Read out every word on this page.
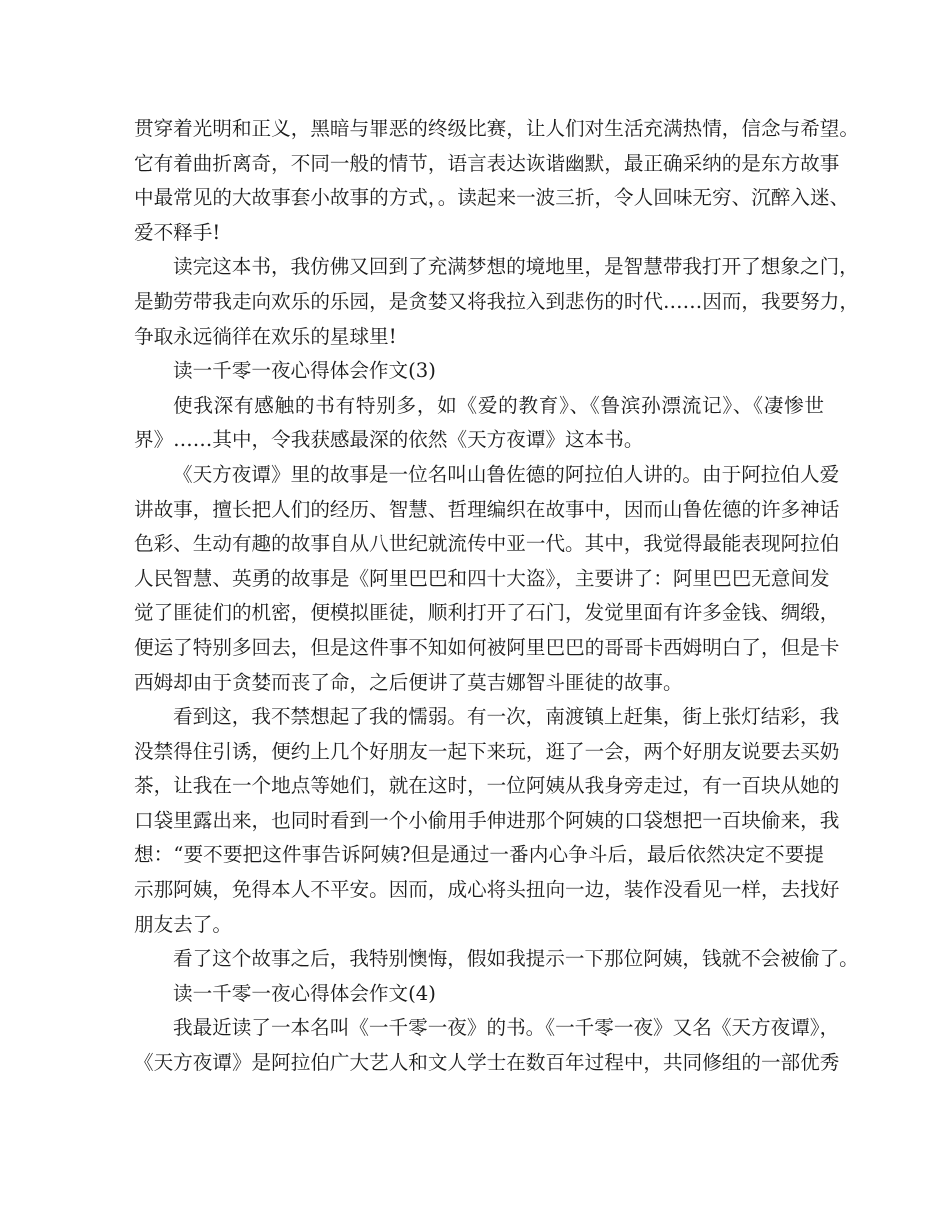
贯穿着光明和正义，黑暗与罪恶的终级比赛，让人们对生活充满热情，信念与希望。
它有着曲折离奇，不同一般的情节，语言表达诙谐幽默，最正确采纳的是东方故事
中最常见的大故事套小故事的方式，。读起来一波三折，令人回味无穷、沉醉入迷、
爱不释手!
读完这本书，我仿佛又回到了充满梦想的境地里，是智慧带我打开了想象之门，
是勤劳带我走向欢乐的乐园，是贪婪又将我拉入到悲伤的时代……因而，我要努力，
争取永远徜徉在欢乐的星球里!
读一千零一夜心得体会作文(3)
使我深有感触的书有特别多，如《爱的教育》、《鲁滨孙漂流记》、《凄惨世
界》……其中，令我获感最深的依然《天方夜谭》这本书。
《天方夜谭》里的故事是一位名叫山鲁佐德的阿拉伯人讲的。由于阿拉伯人爱
讲故事，擅长把人们的经历、智慧、哲理编织在故事中，因而山鲁佐德的许多神话
色彩、生动有趣的故事自从八世纪就流传中亚一代。其中，我觉得最能表现阿拉伯
人民智慧、英勇的故事是《阿里巴巴和四十大盗》，主要讲了：阿里巴巴无意间发
觉了匪徒们的机密，便模拟匪徒，顺利打开了石门，发觉里面有许多金钱、绸缎，
便运了特别多回去，但是这件事不知如何被阿里巴巴的哥哥卡西姆明白了，但是卡
西姆却由于贪婪而丧了命，之后便讲了莫吉娜智斗匪徒的故事。
看到这，我不禁想起了我的懦弱。有一次，南渡镇上赶集，街上张灯结彩，我
没禁得住引诱，便约上几个好朋友一起下来玩，逛了一会，两个好朋友说要去买奶
茶，让我在一个地点等她们，就在这时，一位阿姨从我身旁走过，有一百块从她的
口袋里露出来，也同时看到一个小偷用手伸进那个阿姨的口袋想把一百块偷来，我
想：“要不要把这件事告诉阿姨?但是通过一番内心争斗后，最后依然决定不要提
示那阿姨，免得本人不平安。因而，成心将头扭向一边，装作没看见一样，去找好
朋友去了。
看了这个故事之后，我特别懊悔，假如我提示一下那位阿姨，钱就不会被偷了。
读一千零一夜心得体会作文(4)
我最近读了一本名叫《一千零一夜》的书。《一千零一夜》又名《天方夜谭》，
《天方夜谭》是阿拉伯广大艺人和文人学士在数百年过程中，共同修组的一部优秀
